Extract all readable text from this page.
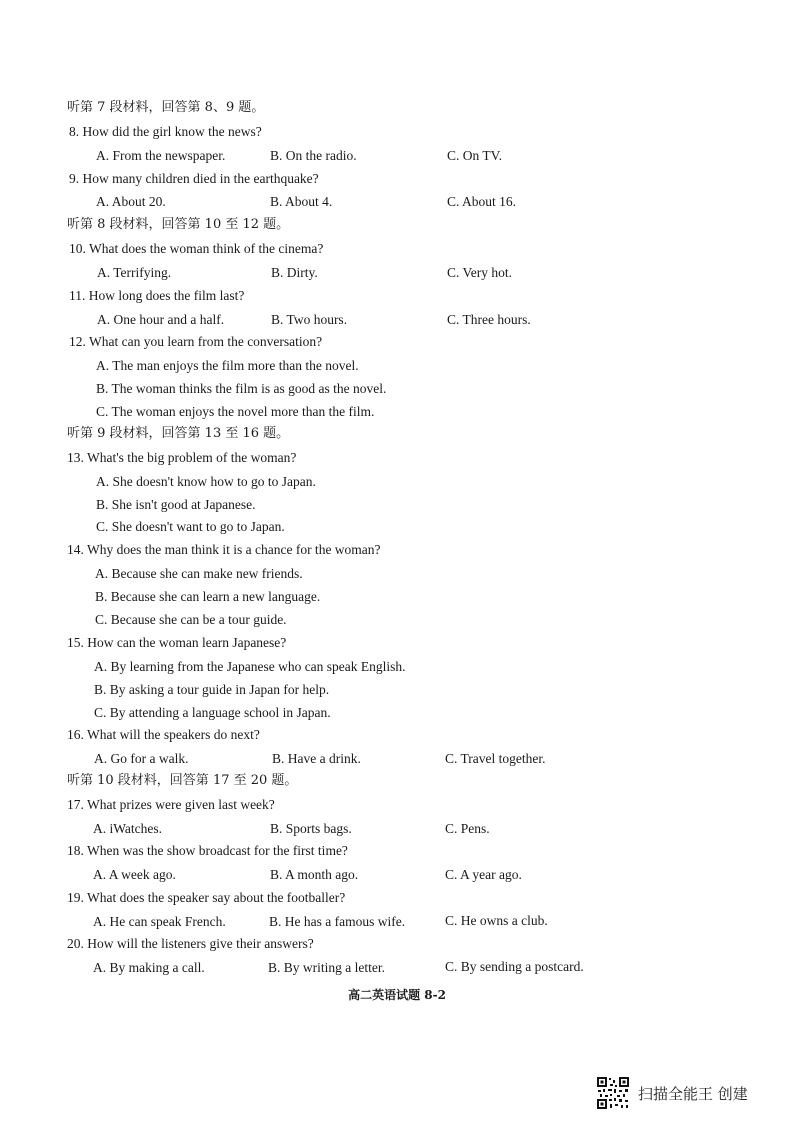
听第 7 段材料，回答第 8、9 题。
8. How did the girl know the news?
A. From the newspaper.	B. On the radio.	C. On TV.
9. How many children died in the earthquake?
A. About 20.	B. About 4.	C. About 16.
听第 8 段材料，回答第 10 至 12 题。
10. What does the woman think of the cinema?
A. Terrifying.	B. Dirty.	C. Very hot.
11. How long does the film last?
A. One hour and a half.	B. Two hours.	C. Three hours.
12. What can you learn from the conversation?
A. The man enjoys the film more than the novel.
B. The woman thinks the film is as good as the novel.
C. The woman enjoys the novel more than the film.
听第 9 段材料，回答第 13 至 16 题。
13. What's the big problem of the woman?
A. She doesn't know how to go to Japan.
B. She isn't good at Japanese.
C. She doesn't want to go to Japan.
14. Why does the man think it is a chance for the woman?
A. Because she can make new friends.
B. Because she can learn a new language.
C. Because she can be a tour guide.
15. How can the woman learn Japanese?
A. By learning from the Japanese who can speak English.
B. By asking a tour guide in Japan for help.
C. By attending a language school in Japan.
16. What will the speakers do next?
A. Go for a walk.	B. Have a drink.	C. Travel together.
听第 10 段材料，回答第 17 至 20 题。
17. What prizes were given last week?
A. iWatches.	B. Sports bags.	C. Pens.
18. When was the show broadcast for the first time?
A. A week ago.	B. A month ago.	C. A year ago.
19. What does the speaker say about the footballer?
A. He can speak French.	B. He has a famous wife.	C. He owns a club.
20. How will the listeners give their answers?
A. By making a call.	B. By writing a letter.	C. By sending a postcard.
高二英语试题 8-2
扫描全能王 创建
